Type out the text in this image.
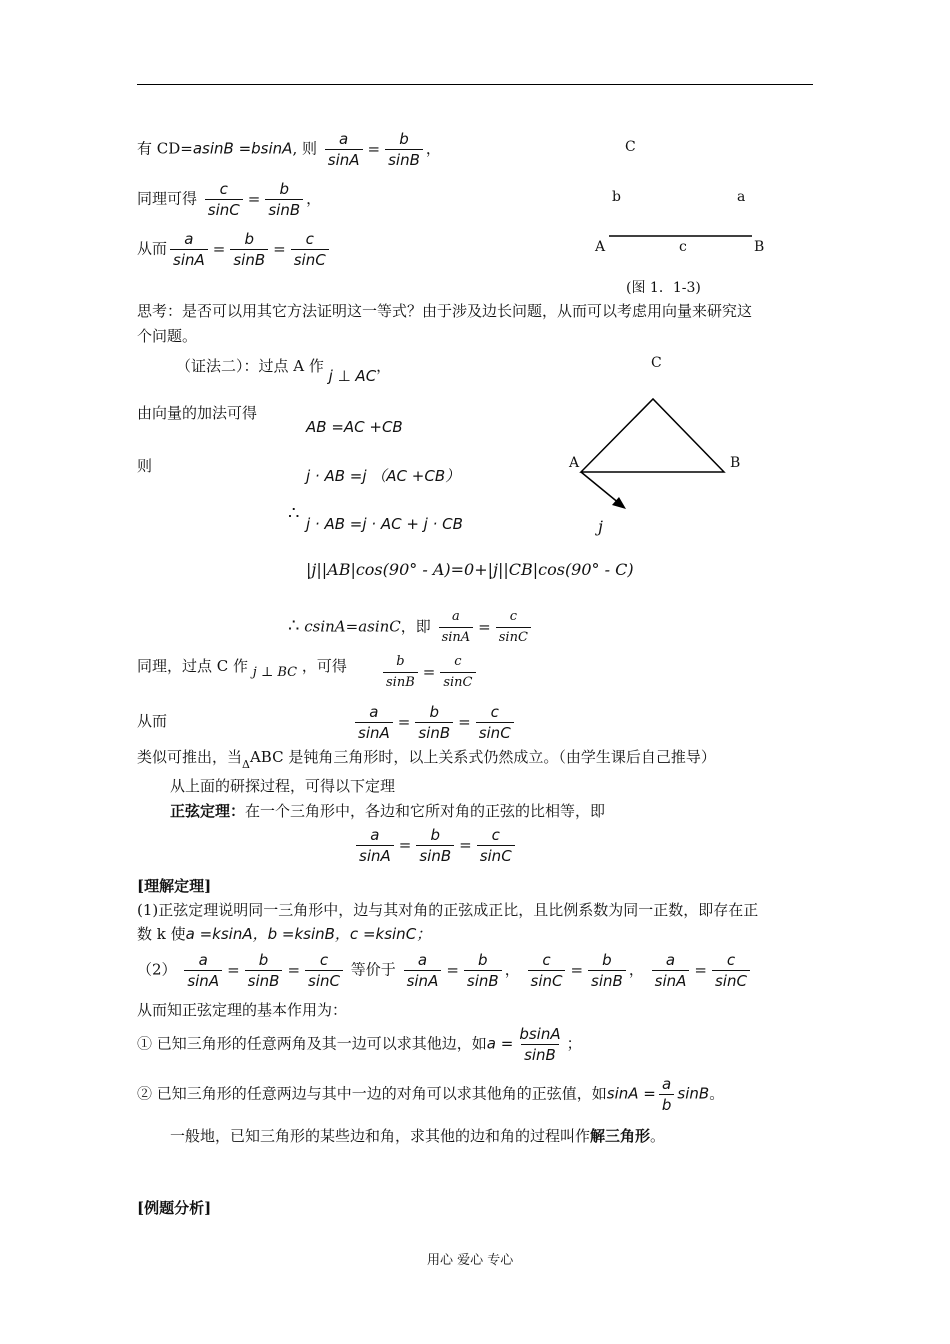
有 CD=asinB =bsinA, 则 $\frac{a}{\sin A} = \frac{b}{\sin B}$ ，
同理可得 $\frac{c}{\sin C} = \frac{b}{\sin B}$ ，
从而 $\frac{a}{\sin A} = \frac{b}{\sin B} = \frac{c}{\sin C}$
C
b	a
A	c	B
(图 1．1-3)
思考：是否可以用其它方法证明这一等式？由于涉及边长问题，从而可以考虑用向量来研究这
个问题。
（证法二）：过点 A 作 j ⊥ AC，
由向量的加法可得
AB =AC +CB
则
j · AB =j （AC +CB）
∴ j · AB =j · AC + j · CB
|j||AB|cos(90° - A)=0+|j||CB|cos(90° - C)
∴ csinA=asinC，即 $\frac{a}{\sin A} = \frac{c}{\sin C}$
C
A	B
j
同理，过点 C 作 j ⊥ BC ，可得	$\frac{b}{\sin B} = \frac{c}{\sin C}$
从而	$\frac{a}{\sin A} = \frac{b}{\sin B} = \frac{c}{\sin C}$
类似可推出，当$_\Delta$ABC 是钝角三角形时，以上关系式仍然成立。（由学生课后自己推导）
从上面的研探过程，可得以下定理
正弦定理：在一个三角形中，各边和它所对角的正弦的比相等，即
$\frac{a}{\sin A} = \frac{b}{\sin B} = \frac{c}{\sin C}$
[理解定理]
(1)正弦定理说明同一三角形中，边与其对角的正弦成正比，且比例系数为同一正数，即存在正
数 k 使a =ksinA，b =ksinB，c =ksinC；
$(2) \frac{a}{\sin A} = \frac{b}{\sin B} = \frac{c}{\sin C}$ 等价于 $\frac{a}{\sin A} = \frac{b}{\sin B}$ ， $\frac{c}{\sin C} = \frac{b}{\sin B}$ ， $\frac{a}{\sin A} = \frac{c}{\sin C}$
从而知正弦定理的基本作用为：
① 已知三角形的任意两角及其一边可以求其他边，如$a = \frac{bsinA}{\sin B}$ ；
② 已知三角形的任意两边与其中一边的对角可以求其他角的正弦值，如$\sin A = \frac{a}{b}$ sinB。
一般地，已知三角形的某些边和角，求其他的边和角的过程叫作解三角形。
[例题分析]
用心 爱心 专心
